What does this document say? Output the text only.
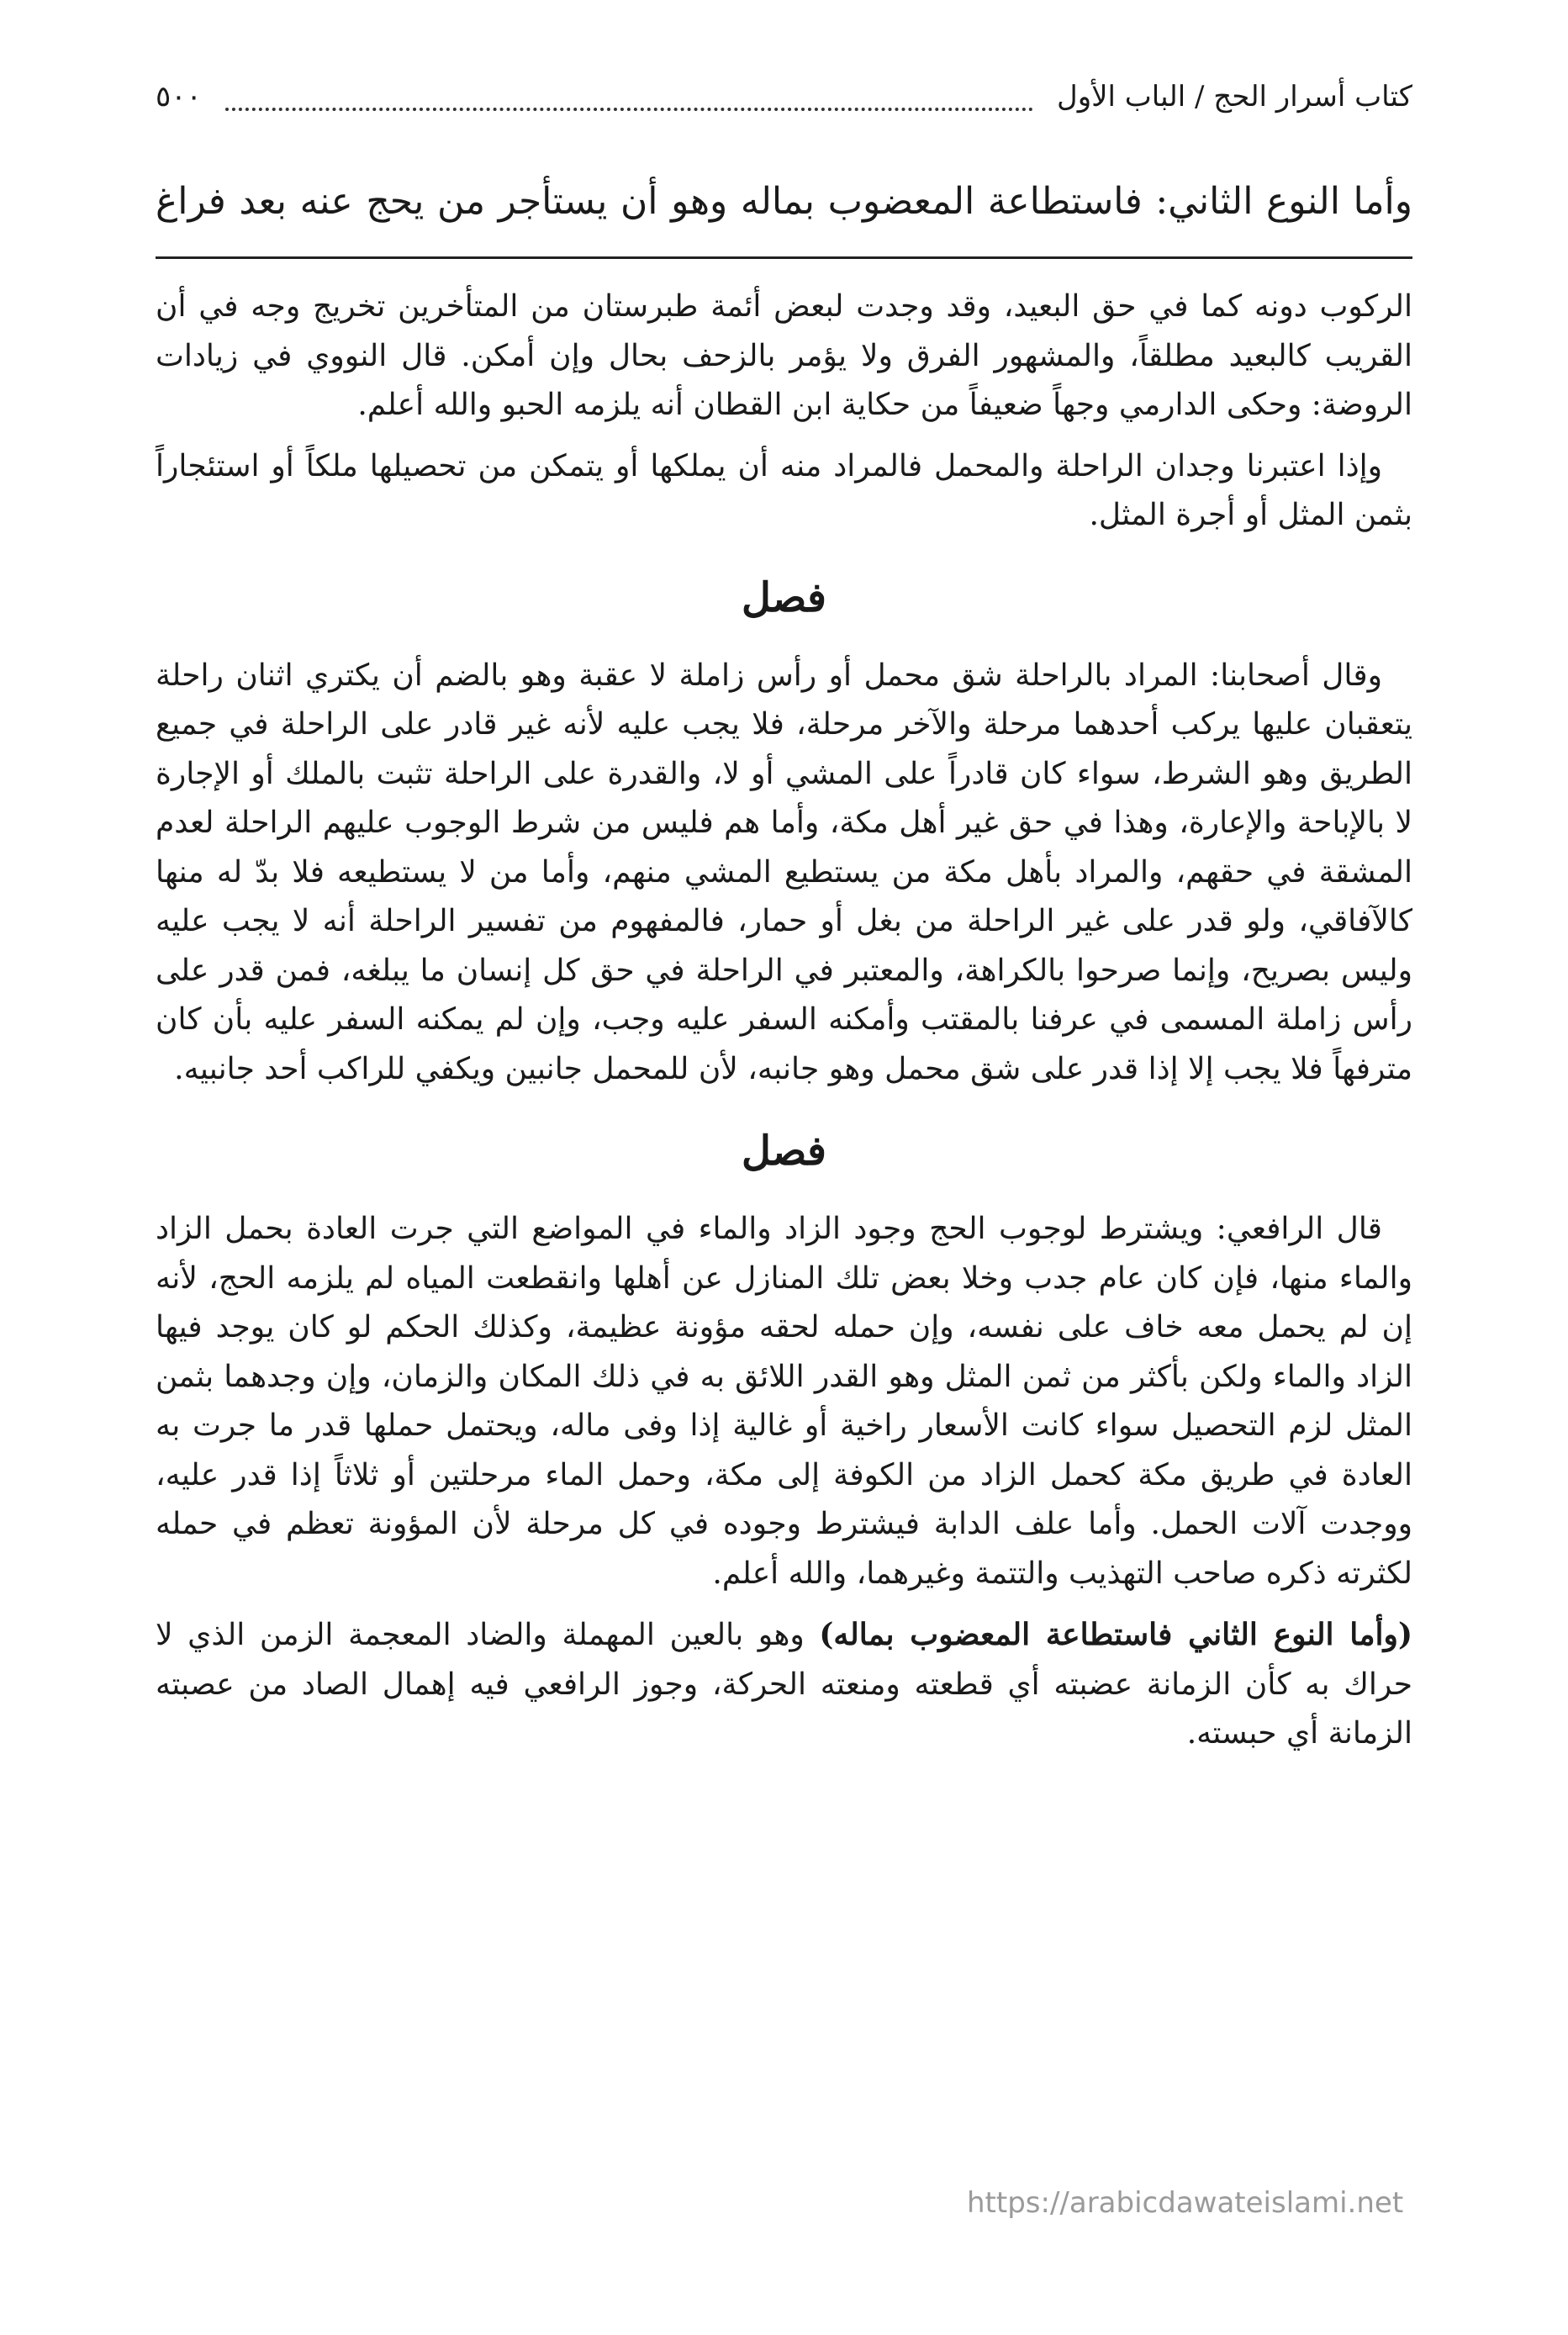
كتاب أسرار الحج / الباب الأول
٥٠٠
وأما النوع الثاني: فاستطاعة المعضوب بماله وهو أن يستأجر من يحج عنه بعد فراغ

الركوب دونه كما في حق البعيد، وقد وجدت لبعض أئمة طبرستان من المتأخرين تخريج وجه في أن القريب كالبعيد مطلقاً، والمشهور الفرق ولا يؤمر بالزحف بحال وإن أمكن. قال النووي في زيادات الروضة: وحكى الدارمي وجهاً ضعيفاً من حكاية ابن القطان أنه يلزمه الحبو والله أعلم.

وإذا اعتبرنا وجدان الراحلة والمحمل فالمراد منه أن يملكها أو يتمكن من تحصيلها ملكاً أو استئجاراً بثمن المثل أو أجرة المثل.

فصل

وقال أصحابنا: المراد بالراحلة شق محمل أو رأس زاملة لا عقبة وهو بالضم أن يكتري اثنان راحلة يتعقبان عليها يركب أحدهما مرحلة والآخر مرحلة، فلا يجب عليه لأنه غير قادر على الراحلة في جميع الطريق وهو الشرط، سواء كان قادراً على المشي أو لا، والقدرة على الراحلة تثبت بالملك أو الإجارة لا بالإباحة والإعارة، وهذا في حق غير أهل مكة، وأما هم فليس من شرط الوجوب عليهم الراحلة لعدم المشقة في حقهم، والمراد بأهل مكة من يستطيع المشي منهم، وأما من لا يستطيعه فلا بدّ له منها كالآفاقي، ولو قدر على غير الراحلة من بغل أو حمار، فالمفهوم من تفسير الراحلة أنه لا يجب عليه وليس بصريح، وإنما صرحوا بالكراهة، والمعتبر في الراحلة في حق كل إنسان ما يبلغه، فمن قدر على رأس زاملة المسمى في عرفنا بالمقتب وأمكنه السفر عليه وجب، وإن لم يمكنه السفر عليه بأن كان مترفهاً فلا يجب إلا إذا قدر على شق محمل وهو جانبه، لأن للمحمل جانبين ويكفي للراكب أحد جانبيه.

فصل

قال الرافعي: ويشترط لوجوب الحج وجود الزاد والماء في المواضع التي جرت العادة بحمل الزاد والماء منها، فإن كان عام جدب وخلا بعض تلك المنازل عن أهلها وانقطعت المياه لم يلزمه الحج، لأنه إن لم يحمل معه خاف على نفسه، وإن حمله لحقه مؤونة عظيمة، وكذلك الحكم لو كان يوجد فيها الزاد والماء ولكن بأكثر من ثمن المثل وهو القدر اللائق به في ذلك المكان والزمان، وإن وجدهما بثمن المثل لزم التحصيل سواء كانت الأسعار راخية أو غالية إذا وفى ماله، ويحتمل حملها قدر ما جرت به العادة في طريق مكة كحمل الزاد من الكوفة إلى مكة، وحمل الماء مرحلتين أو ثلاثاً إذا قدر عليه، ووجدت آلات الحمل. وأما علف الدابة فيشترط وجوده في كل مرحلة لأن المؤونة تعظم في حمله لكثرته ذكره صاحب التهذيب والتتمة وغيرهما، والله أعلم.

(وأما النوع الثاني فاستطاعة المعضوب بماله) وهو بالعين المهملة والضاد المعجمة الزمن الذي لا حراك به كأن الزمانة عضبته أي قطعته ومنعته الحركة، وجوز الرافعي فيه إهمال الصاد من عصبته الزمانة أي حبسته.

https://arabicdawateislami.net
